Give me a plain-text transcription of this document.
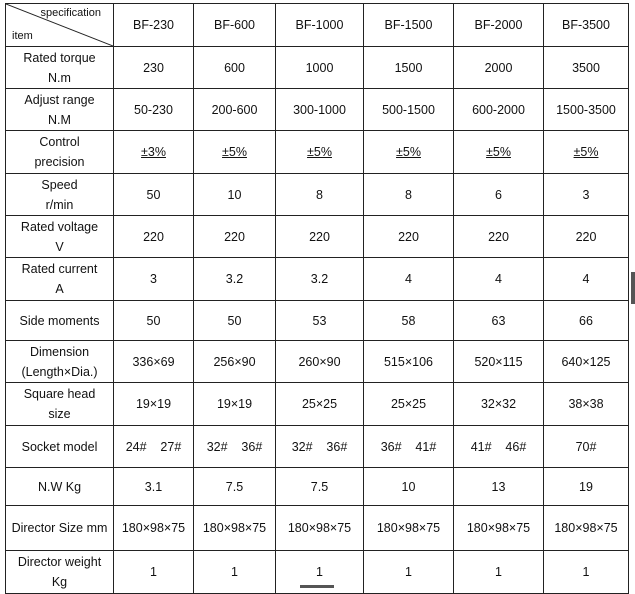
specification
item	BF-230	BF-600	BF-1000	BF-1500	BF-2000	BF-3500

Rated torque
N.m	230	600	1000	1500	2000	3500

Adjust range
N.M	50-230	200-600	300-1000	500-1500	600-2000	1500-3500

Control
precision	±3%	±5%	±5%	±5%	±5%	±5%

Speed
r/min	50	10	8	8	6	3

Rated voltage
V	220	220	220	220	220	220

Rated current
A	3	3.2	3.2	4	4	4

Side moments	50	50	53	58	63	66

Dimension
(Length×Dia.)	336×69	256×90	260×90	515×106	520×115	640×125

Square head
size	19×19	19×19	25×25	25×25	32×32	38×38

Socket model	24#    27#	32#    36#	32#    36#	36#    41#	41#    46#	70#

N.W Kg	3.1	7.5	7.5	10	13	19

Director Size mm	180×98×75	180×98×75	180×98×75	180×98×75	180×98×75	180×98×75

Director weight
Kg	1	1	1	1	1	1
